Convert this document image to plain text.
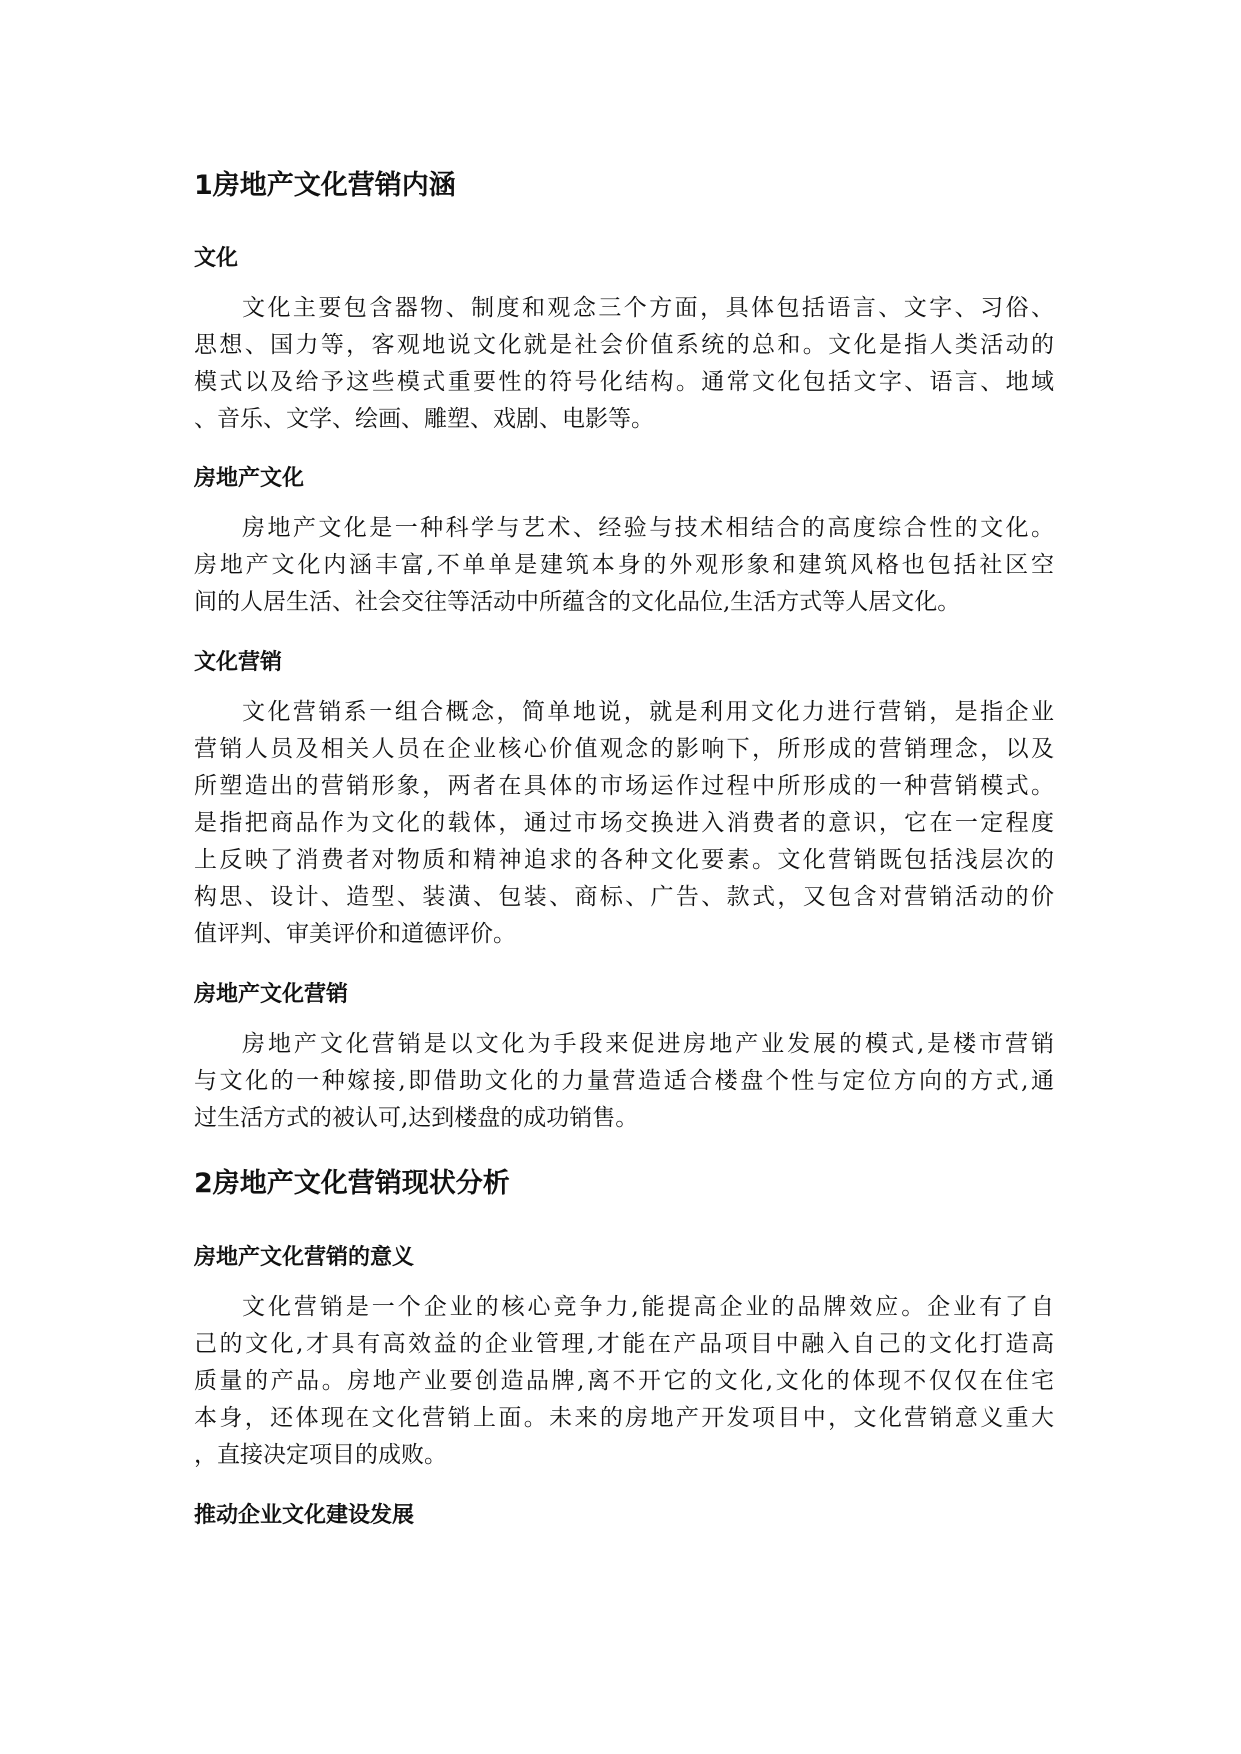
1房地产文化营销内涵
文化
文化主要包含器物、制度和观念三个方面，具体包括语言、文字、习俗、
思想、国力等，客观地说文化就是社会价值系统的总和。文化是指人类活动的
模式以及给予这些模式重要性的符号化结构。通常文化包括文字、语言、地域
、音乐、文学、绘画、雕塑、戏剧、电影等。
房地产文化
房地产文化是一种科学与艺术、经验与技术相结合的高度综合性的文化。
房地产文化内涵丰富,不单单是建筑本身的外观形象和建筑风格也包括社区空
间的人居生活、社会交往等活动中所蕴含的文化品位,生活方式等人居文化。
文化营销
文化营销系一组合概念，简单地说，就是利用文化力进行营销，是指企业
营销人员及相关人员在企业核心价值观念的影响下，所形成的营销理念，以及
所塑造出的营销形象，两者在具体的市场运作过程中所形成的一种营销模式。
是指把商品作为文化的载体，通过市场交换进入消费者的意识，它在一定程度
上反映了消费者对物质和精神追求的各种文化要素。文化营销既包括浅层次的
构思、设计、造型、装潢、包装、商标、广告、款式，又包含对营销活动的价
值评判、审美评价和道德评价。
房地产文化营销
房地产文化营销是以文化为手段来促进房地产业发展的模式,是楼市营销
与文化的一种嫁接,即借助文化的力量营造适合楼盘个性与定位方向的方式,通
过生活方式的被认可,达到楼盘的成功销售。
2房地产文化营销现状分析
房地产文化营销的意义
文化营销是一个企业的核心竞争力,能提高企业的品牌效应。企业有了自
己的文化,才具有高效益的企业管理,才能在产品项目中融入自己的文化打造高
质量的产品。房地产业要创造品牌,离不开它的文化,文化的体现不仅仅在住宅
本身，还体现在文化营销上面。未来的房地产开发项目中，文化营销意义重大
，直接决定项目的成败。
推动企业文化建设发展
